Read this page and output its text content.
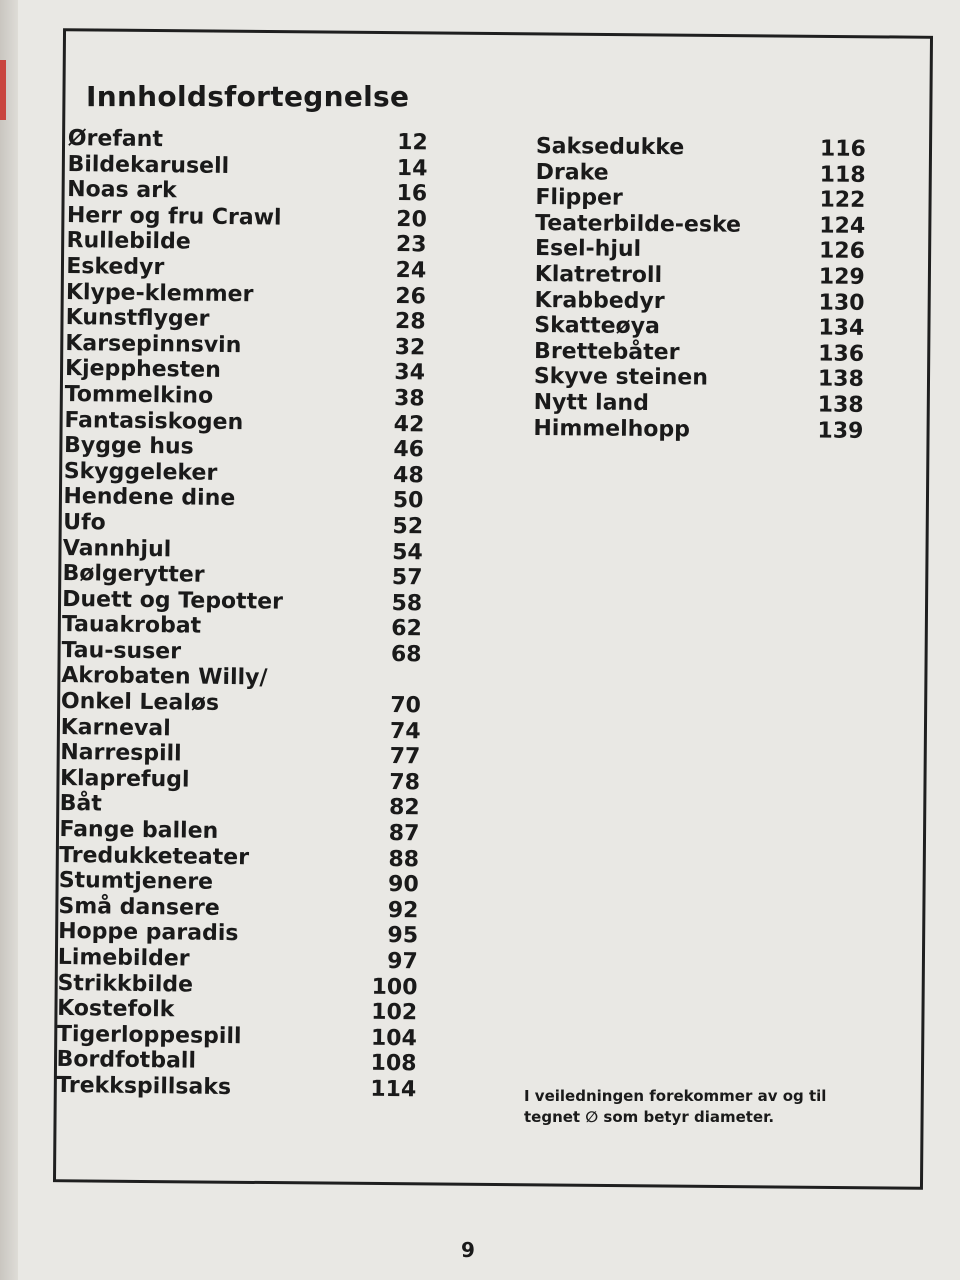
Innholdsfortegnelse
Ørefant	12
Bildekarusell	14
Noas ark	16
Herr og fru Crawl	20
Rullebilde	23
Eskedyr	24
Klype-klemmer	26
Kunstflyger	28
Karsepinnsvin	32
Kjepphesten	34
Tommelkino	38
Fantasiskogen	42
Bygge hus	46
Skyggeleker	48
Hendene dine	50
Ufo	52
Vannhjul	54
Bølgerytter	57
Duett og Tepotter	58
Tauakrobat	62
Tau-suser	68
Akrobaten Willy/
Onkel Lealøs	70
Karneval	74
Narrespill	77
Klaprefugl	78
Båt	82
Fange ballen	87
Tredukketeater	88
Stumtjenere	90
Små dansere	92
Hoppe paradis	95
Limebilder	97
Strikkbilde	100
Kostefolk	102
Tigerloppespill	104
Bordfotball	108
Trekkspillsaks	114
Saksedukke	116
Drake	118
Flipper	122
Teaterbilde-eske	124
Esel-hjul	126
Klatretroll	129
Krabbedyr	130
Skatteøya	134
Brettebåter	136
Skyve steinen	138
Nytt land	138
Himmelhopp	139
I veiledningen forekommer av og til
tegnet ∅ som betyr diameter.
9
